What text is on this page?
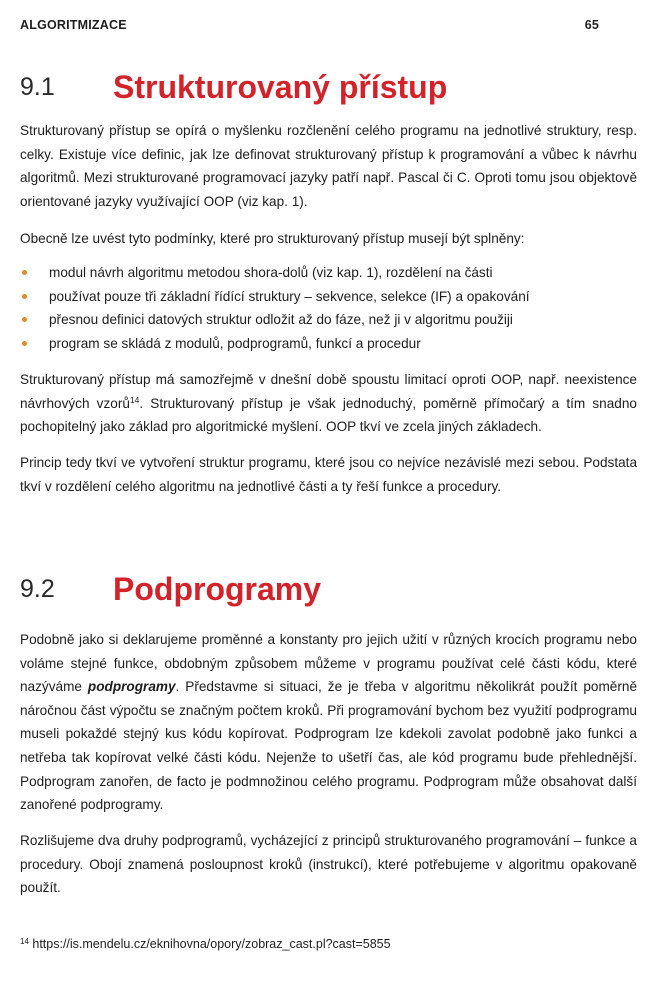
ALGORITMIZACE	65
9.1 Strukturovaný přístup

Strukturovaný přístup se opírá o myšlenku rozčlenění celého programu na jednotlivé struktury, resp. celky. Existuje více definic, jak lze definovat strukturovaný přístup k programování a vůbec k návrhu algoritmů. Mezi strukturované programovací jazyky patří např. Pascal či C. Oproti tomu jsou objektově orientované jazyky využívající OOP (viz kap. 1).

Obecně lze uvést tyto podmínky, které pro strukturovaný přístup musejí být splněny:

modul návrh algoritmu metodou shora-dolů (viz kap. 1), rozdělení na části
používat pouze tři základní řídící struktury – sekvence, selekce (IF) a opakování
přesnou definici datových struktur odložit až do fáze, než ji v algoritmu použiji
program se skládá z modulů, podprogramů, funkcí a procedur

Strukturovaný přístup má samozřejmě v dnešní době spoustu limitací oproti OOP, např. neexistence návrhových vzorů$^{14}$. Strukturovaný přístup je však jednoduchý, poměrně přímočarý a tím snadno pochopitelný jako základ pro algoritmické myšlení. OOP tkví ve zcela jiných základech.

Princip tedy tkví ve vytvoření struktur programu, které jsou co nejvíce nezávislé mezi sebou. Podstata tkví v rozdělení celého algoritmu na jednotlivé části a ty řeší funkce a procedury.

9.2 Podprogramy

Podobně jako si deklarujeme proměnné a konstanty pro jejich užití v různých krocích programu nebo voláme stejné funkce, obdobným způsobem můžeme v programu používat celé části kódu, které nazýváme podprogramy. Představme si situaci, že je třeba v algoritmu několikrát použít poměrně náročnou část výpočtu se značným počtem kroků. Při programování bychom bez využití podprogramu museli pokaždé stejný kus kódu kopírovat. Podprogram lze kdekoli zavolat podobně jako funkci a netřeba tak kopírovat velké části kódu. Nejenže to ušetří čas, ale kód programu bude přehlednější. Podprogram zanořen, de facto je podmnožinou celého programu. Podprogram může obsahovat další zanořené podprogramy.

Rozlišujeme dva druhy podprogramů, vycházející z principů strukturovaného programování – funkce a procedury. Obojí znamená posloupnost kroků (instrukcí), které potřebujeme v algoritmu opakovaně použít.

$^{14}$ https://is.mendelu.cz/eknihovna/opory/zobraz_cast.pl?cast=5855
